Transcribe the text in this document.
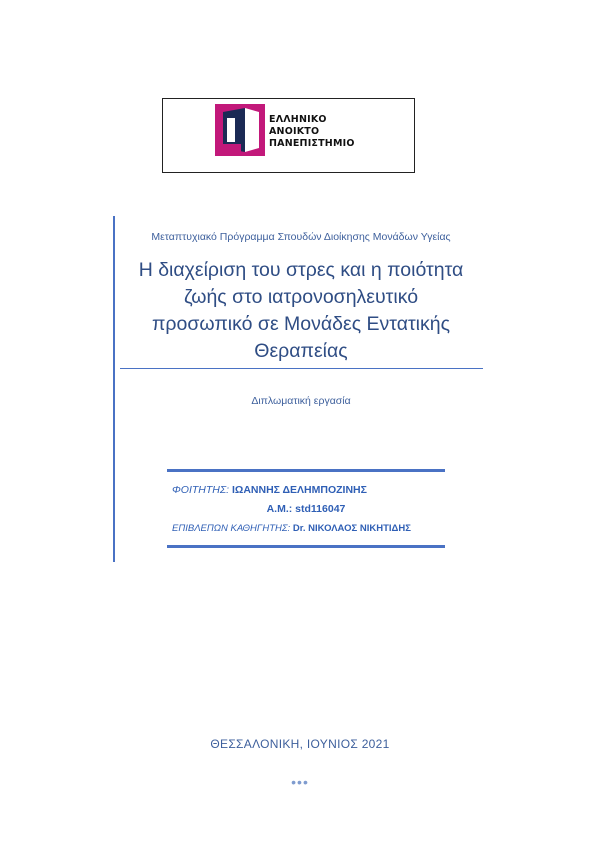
ΕΛΛΗΝΙΚΟ
ΑΝΟΙΚΤΟ
ΠΑΝΕΠΙΣΤΗΜΙΟ
Μεταπτυχιακό Πρόγραμμα Σπουδών Διοίκησης Μονάδων Υγείας
Η διαχείριση του στρες και η ποιότητα
ζωής στο ιατρονοσηλευτικό
προσωπικό σε Μονάδες Εντατικής
Θεραπείας
Διπλωματική εργασία
ΦΟΙΤΗΤΗΣ: ΙΩΑΝΝΗΣ ΔΕΛΗΜΠΟΖΙΝΗΣ
Α.Μ.: std116047
ΕΠΙΒΛΕΠΩΝ ΚΑΘΗΓΗΤΗΣ: Dr. ΝΙΚΟΛΑΟΣ ΝΙΚΗΤΙΔΗΣ
ΘΕΣΣΑΛΟΝΙΚΗ, ΙΟΥΝΙΟΣ 2021
•••
